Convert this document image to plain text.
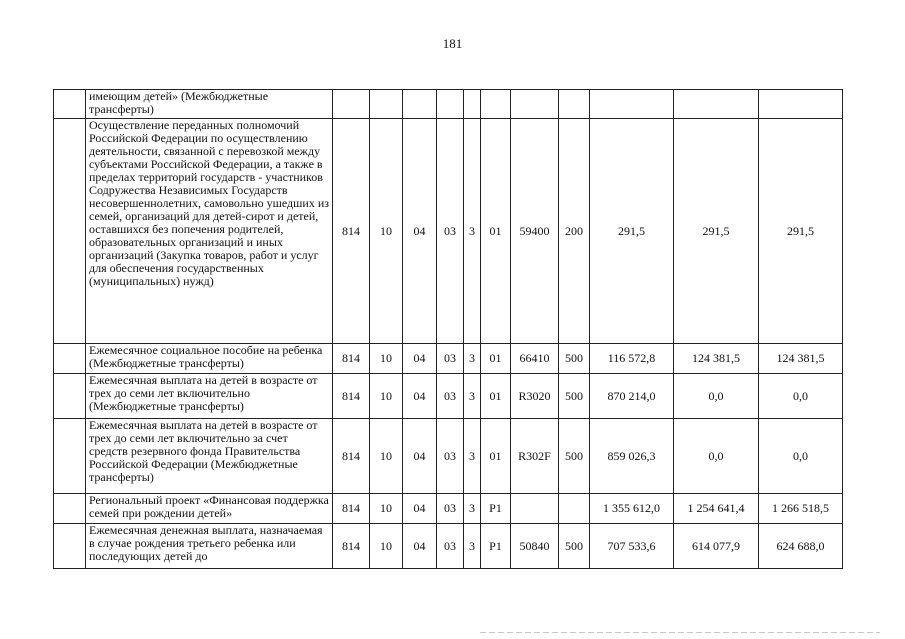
181
	имеющим детей» (Межбюджетные трансферты)											
	Осуществление переданных полномочий Российской Федерации по осуществлению деятельности, связанной с перевозкой между субъектами Российской Федерации, а также в пределах территорий государств - участников Содружества Независимых Государств несовершеннолетних, самовольно ушедших из семей, организаций для детей-сирот и детей, оставшихся без попечения родителей, образовательных организаций и иных организаций (Закупка товаров, работ и услуг для обеспечения государственных (муниципальных) нужд)	814	10	04	03	3	01	59400	200	291,5	291,5	291,5
	Ежемесячное социальное пособие на ребенка (Межбюджетные трансферты)	814	10	04	03	3	01	66410	500	116 572,8	124 381,5	124 381,5
	Ежемесячная выплата на детей в возрасте от трех до семи лет включительно (Межбюджетные трансферты)	814	10	04	03	3	01	R3020	500	870 214,0	0,0	0,0
	Ежемесячная выплата на детей в возрасте от трех до семи лет включительно за счет средств резервного фонда Правительства Российской Федерации (Межбюджетные трансферты)	814	10	04	03	3	01	R302F	500	859 026,3	0,0	0,0
	Региональный проект «Финансовая поддержка семей при рождении детей»	814	10	04	03	3	P1			1 355 612,0	1 254 641,4	1 266 518,5
	Ежемесячная денежная выплата, назначаемая в случае рождения третьего ребенка или последующих детей до	814	10	04	03	3	P1	50840	500	707 533,6	614 077,9	624 688,0
